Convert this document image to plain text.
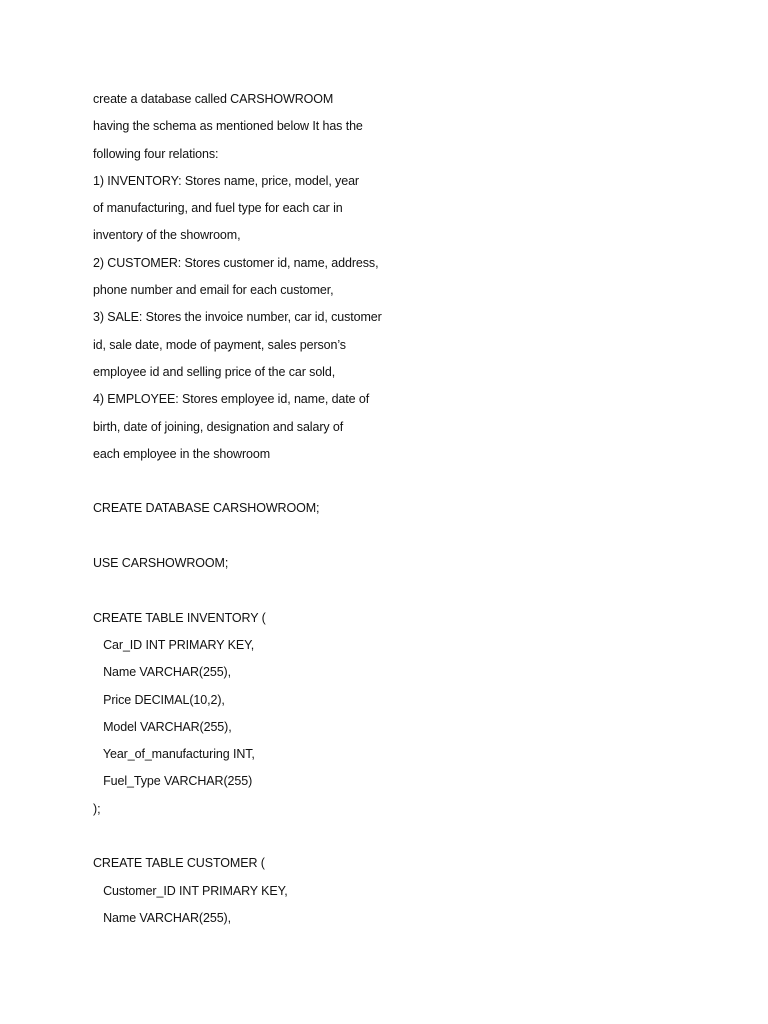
create a database called CARSHOWROOM
having the schema as mentioned below It has the
following four relations:
1) INVENTORY: Stores name, price, model, year
of manufacturing, and fuel type for each car in
inventory of the showroom,
2) CUSTOMER: Stores customer id, name, address,
phone number and email for each customer,
3) SALE: Stores the invoice number, car id, customer
id, sale date, mode of payment, sales person’s
employee id and selling price of the car sold,
4) EMPLOYEE: Stores employee id, name, date of
birth, date of joining, designation and salary of
each employee in the showroom
CREATE DATABASE CARSHOWROOM;
USE CARSHOWROOM;
CREATE TABLE INVENTORY (
Car_ID INT PRIMARY KEY,
Name VARCHAR(255),
Price DECIMAL(10,2),
Model VARCHAR(255),
Year_of_manufacturing INT,
Fuel_Type VARCHAR(255)
);
CREATE TABLE CUSTOMER (
Customer_ID INT PRIMARY KEY,
Name VARCHAR(255),
